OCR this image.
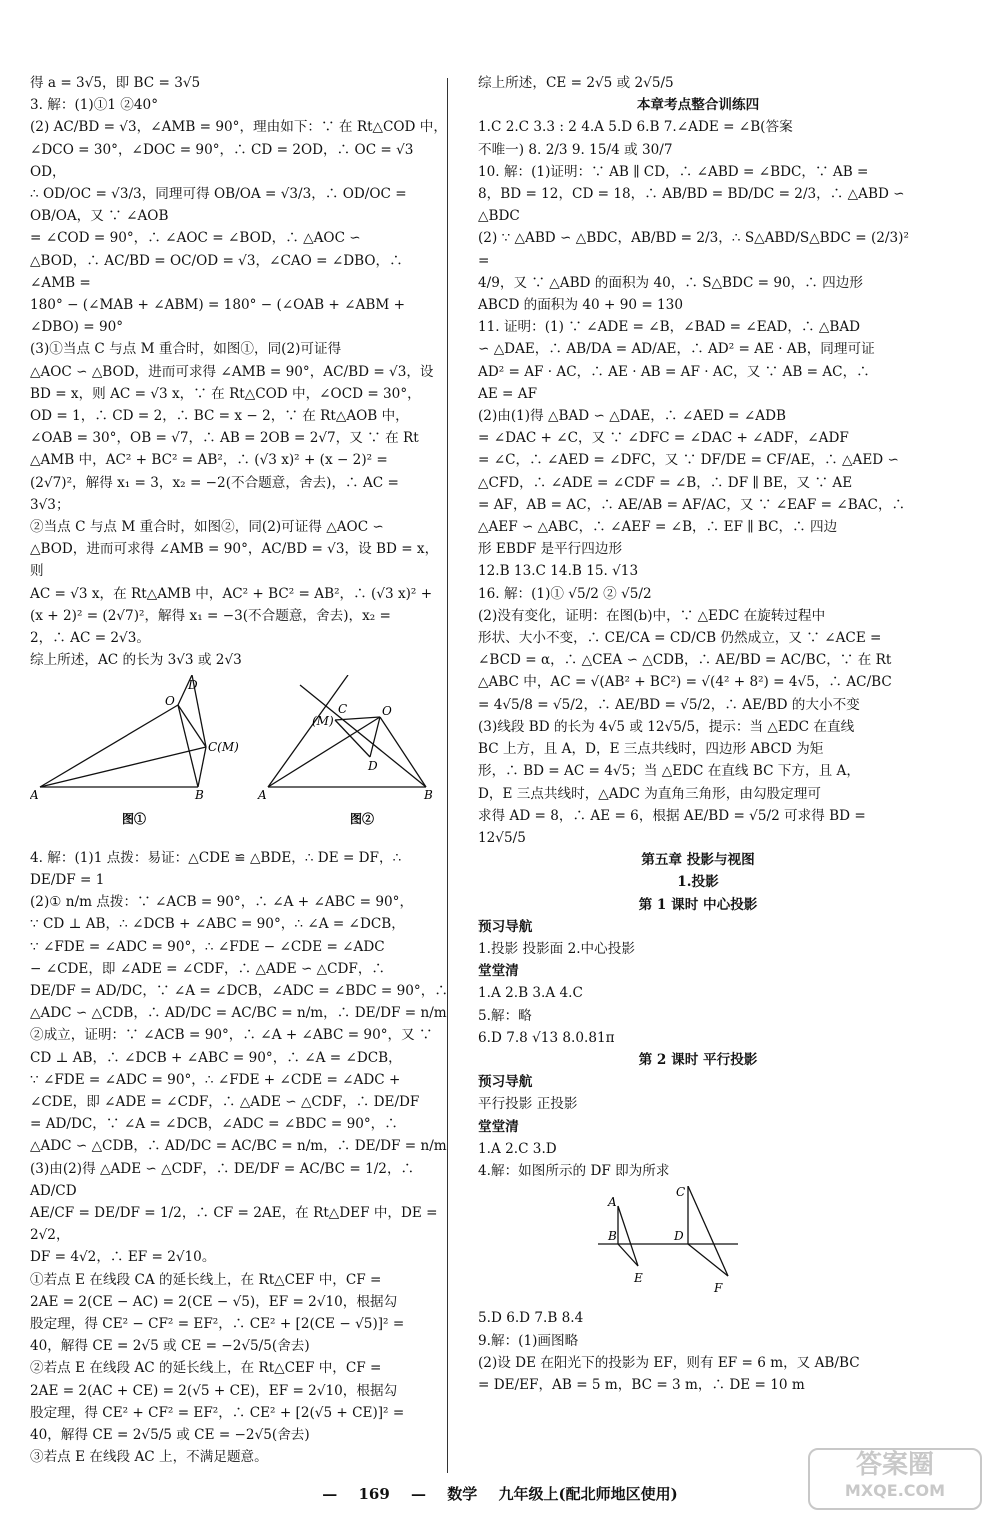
得 a = 3√5，即 BC = 3√5

3. 解：(1)①1 ②40°

(2) AC/BD = √3，∠AMB = 90°，理由如下：∵ 在 Rt△COD 中，

∠DCO = 30°，∠DOC = 90°，∴ CD = 2OD，∴ OC = √3 OD，

∴ OD/OC = √3/3，同理可得 OB/OA = √3/3，∴ OD/OC = OB/OA，又 ∵ ∠AOB

= ∠COD = 90°，∴ ∠AOC = ∠BOD，∴ △AOC ∽

△BOD，∴ AC/BD = OC/OD = √3，∠CAO = ∠DBO，∴ ∠AMB =

180° − (∠MAB + ∠ABM) = 180° − (∠OAB + ∠ABM +

∠DBO) = 90°

(3)①当点 C 与点 M 重合时，如图①，同(2)可证得

△AOC ∽ △BOD，进而可求得 ∠AMB = 90°，AC/BD = √3，设

BD = x，则 AC = √3 x，∵ 在 Rt△COD 中，∠OCD = 30°，

OD = 1，∴ CD = 2，∴ BC = x − 2，∵ 在 Rt△AOB 中，

∠OAB = 30°，OB = √7，∴ AB = 2OB = 2√7，又 ∵ 在 Rt

△AMB 中，AC² + BC² = AB²，∴ (√3 x)² + (x − 2)² =

(2√7)²，解得 x₁ = 3，x₂ = −2(不合题意，舍去)，∴ AC =

3√3；

②当点 C 与点 M 重合时，如图②，同(2)可证得 △AOC ∽

△BOD，进而可求得 ∠AMB = 90°，AC/BD = √3，设 BD = x，则

AC = √3 x，在 Rt△AMB 中，AC² + BC² = AB²，∴ (√3 x)² +

(x + 2)² = (2√7)²，解得 x₁ = −3(不合题意，舍去)，x₂ =

2，∴ AC = 2√3。

综上所述，AC 的长为 3√3 或 2√3

A	B
D
O
C(M)
图①
A	B
C
(M)
O
D
图②

4. 解：(1)1 点拨：易证：△CDE ≌ △BDE，∴ DE = DF，∴

DE/DF = 1

(2)① n/m 点拨：∵ ∠ACB = 90°，∴ ∠A + ∠ABC = 90°，

∵ CD ⊥ AB，∴ ∠DCB + ∠ABC = 90°，∴ ∠A = ∠DCB，

∵ ∠FDE = ∠ADC = 90°，∴ ∠FDE − ∠CDE = ∠ADC

− ∠CDE，即 ∠ADE = ∠CDF，∴ △ADE ∽ △CDF，∴

DE/DF = AD/DC，∵ ∠A = ∠DCB，∠ADC = ∠BDC = 90°，∴

△ADC ∽ △CDB，∴ AD/DC = AC/BC = n/m，∴ DE/DF = n/m

②成立，证明：∵ ∠ACB = 90°，∴ ∠A + ∠ABC = 90°，又 ∵

CD ⊥ AB，∴ ∠DCB + ∠ABC = 90°，∴ ∠A = ∠DCB，

∵ ∠FDE = ∠ADC = 90°，∴ ∠FDE + ∠CDE = ∠ADC +

∠CDE，即 ∠ADE = ∠CDF，∴ △ADE ∽ △CDF，∴ DE/DF

= AD/DC，∵ ∠A = ∠DCB，∠ADC = ∠BDC = 90°，∴

△ADC ∽ △CDB，∴ AD/DC = AC/BC = n/m，∴ DE/DF = n/m

(3)由(2)得 △ADE ∽ △CDF，∴ DE/DF = AC/BC = 1/2，∴ AD/CD

AE/CF = DE/DF = 1/2，∴ CF = 2AE，在 Rt△DEF 中，DE = 2√2，

DF = 4√2，∴ EF = 2√10。

①若点 E 在线段 CA 的延长线上，在 Rt△CEF 中，CF =

2AE = 2(CE − AC) = 2(CE − √5)，EF = 2√10，根据勾

股定理，得 CE² − CF² = EF²，∴ CE² + [2(CE − √5)]² =

40，解得 CE = 2√5 或 CE = −2√5/5(舍去)

②若点 E 在线段 AC 的延长线上，在 Rt△CEF 中，CF =

2AE = 2(AC + CE) = 2(√5 + CE)，EF = 2√10，根据勾

股定理，得 CE² + CF² = EF²，∴ CE² + [2(√5 + CE)]² =

40，解得 CE = 2√5/5 或 CE = −2√5(舍去)

③若点 E 在线段 AC 上，不满足题意。

综上所述，CE = 2√5 或 2√5/5

本章考点整合训练四

1.C 2.C 3.3 : 2 4.A 5.D 6.B 7.∠ADE = ∠B(答案

不唯一) 8. 2/3 9. 15/4 或 30/7

10. 解：(1)证明：∵ AB ∥ CD，∴ ∠ABD = ∠BDC，∵ AB =

8，BD = 12，CD = 18，∴ AB/BD = BD/DC = 2/3，∴ △ABD ∽

△BDC

(2) ∵ △ABD ∽ △BDC，AB/BD = 2/3，∴ S△ABD/S△BDC = (2/3)² =

4/9，又 ∵ △ABD 的面积为 40，∴ S△BDC = 90，∴ 四边形

ABCD 的面积为 40 + 90 = 130

11. 证明：(1) ∵ ∠ADE = ∠B，∠BAD = ∠EAD，∴ △BAD

∽ △DAE，∴ AB/DA = AD/AE，∴ AD² = AE · AB，同理可证

AD² = AF · AC，∴ AE · AB = AF · AC，又 ∵ AB = AC，∴

AE = AF

(2)由(1)得 △BAD ∽ △DAE，∴ ∠AED = ∠ADB

= ∠DAC + ∠C，又 ∵ ∠DFC = ∠DAC + ∠ADF，∠ADF

= ∠C，∴ ∠AED = ∠DFC，又 ∵ DF/DE = CF/AE，∴ △AED ∽

△CFD，∴ ∠ADE = ∠CDF = ∠B，∴ DF ∥ BE，又 ∵ AE

= AF，AB = AC，∴ AE/AB = AF/AC，又 ∵ ∠EAF = ∠BAC，∴

△AEF ∽ △ABC，∴ ∠AEF = ∠B，∴ EF ∥ BC，∴ 四边

形 EBDF 是平行四边形

12.B 13.C 14.B 15. √13

16. 解：(1)① √5/2 ② √5/2

(2)没有变化，证明：在图(b)中，∵ △EDC 在旋转过程中

形状、大小不变，∴ CE/CA = CD/CB 仍然成立，又 ∵ ∠ACE =

∠BCD = α，∴ △CEA ∽ △CDB，∴ AE/BD = AC/BC，∵ 在 Rt

△ABC 中，AC = √(AB² + BC²) = √(4² + 8²) = 4√5，∴ AC/BC

= 4√5/8 = √5/2，∴ AE/BD = √5/2，∴ AE/BD 的大小不变

(3)线段 BD 的长为 4√5 或 12√5/5，提示：当 △EDC 在直线

BC 上方，且 A，D，E 三点共线时，四边形 ABCD 为矩

形，∴ BD = AC = 4√5；当 △EDC 在直线 BC 下方，且 A，

D，E 三点共线时，△ADC 为直角三角形，由勾股定理可

求得 AD = 8，∴ AE = 6，根据 AE/BD = √5/2 可求得 BD =

12√5/5

第五章 投影与视图

1.投影

第 1 课时 中心投影

预习导航

1.投影 投影面 2.中心投影

堂堂清

1.A 2.B 3.A 4.C

5.解：略

6.D 7.8 √13 8.0.81π

第 2 课时 平行投影

预习导航

平行投影 正投影

堂堂清

1.A 2.C 3.D

4.解：如图所示的 DF 即为所求

A
B
C
D
E
F

5.D 6.D 7.B 8.4

9.解：(1)画图略

(2)设 DE 在阳光下的投影为 EF，则有 EF = 6 m，又 AB/BC

= DE/EF，AB = 5 m，BC = 3 m，∴ DE = 10 m

— 169 — 数学 九年级上(配北师地区使用)
答案圈
MXQE.COM
